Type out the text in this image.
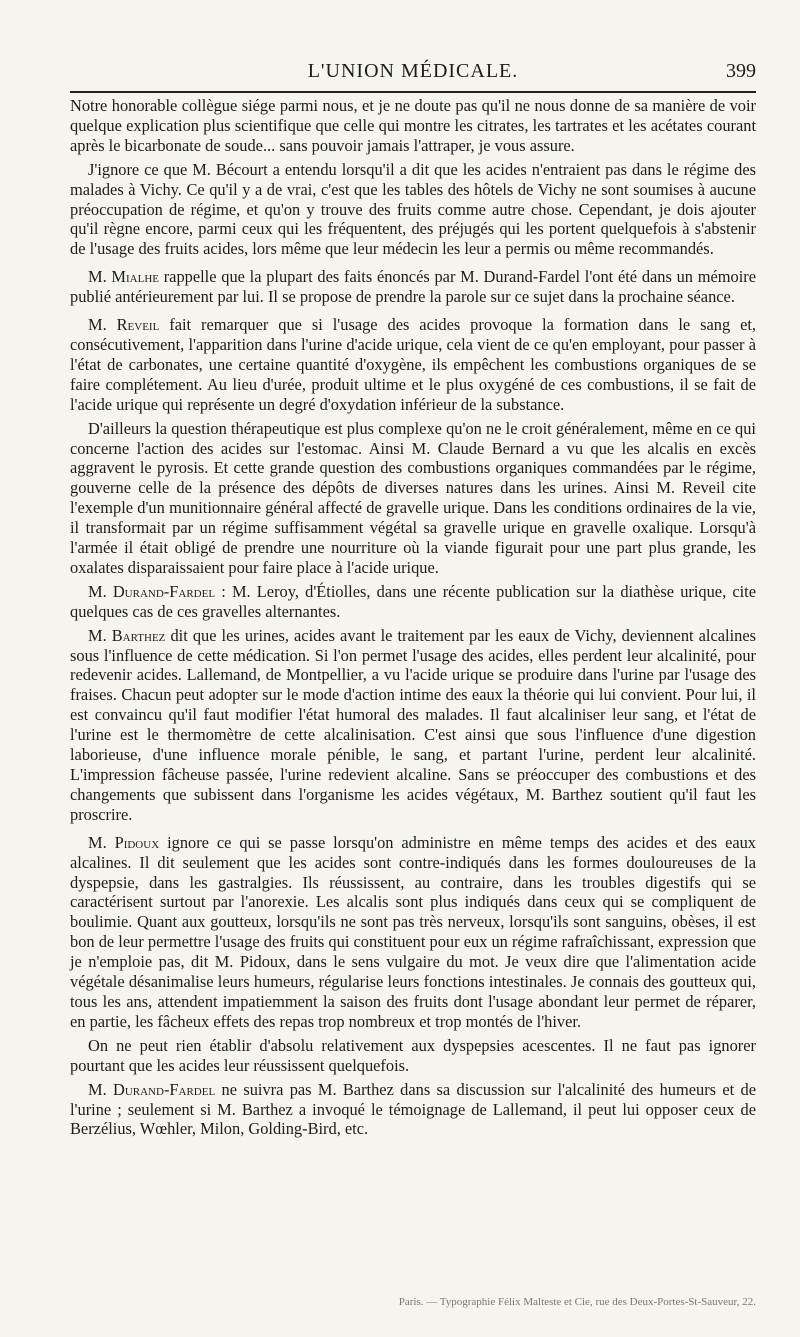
L'UNION MÉDICALE.	399

Notre honorable collègue siége parmi nous, et je ne doute pas qu'il ne nous donne de sa manière de voir quelque explication plus scientifique que celle qui montre les citrates, les tartrates et les acétates courant après le bicarbonate de soude... sans pouvoir jamais l'attraper, je vous assure.

J'ignore ce que M. Bécourt a entendu lorsqu'il a dit que les acides n'entraient pas dans le régime des malades à Vichy. Ce qu'il y a de vrai, c'est que les tables des hôtels de Vichy ne sont soumises à aucune préoccupation de régime, et qu'on y trouve des fruits comme autre chose. Cependant, je dois ajouter qu'il règne encore, parmi ceux qui les fréquentent, des préjugés qui les portent quelquefois à s'abstenir de l'usage des fruits acides, lors même que leur médecin les leur a permis ou même recommandés.

M. Mialhe rappelle que la plupart des faits énoncés par M. Durand-Fardel l'ont été dans un mémoire publié antérieurement par lui. Il se propose de prendre la parole sur ce sujet dans la prochaine séance.

M. Reveil fait remarquer que si l'usage des acides provoque la formation dans le sang et, consécutivement, l'apparition dans l'urine d'acide urique, cela vient de ce qu'en employant, pour passer à l'état de carbonates, une certaine quantité d'oxygène, ils empêchent les combustions organiques de se faire complétement. Au lieu d'urée, produit ultime et le plus oxygéné de ces combustions, il se fait de l'acide urique qui représente un degré d'oxydation inférieur de la substance.

D'ailleurs la question thérapeutique est plus complexe qu'on ne le croit généralement, même en ce qui concerne l'action des acides sur l'estomac. Ainsi M. Claude Bernard a vu que les alcalis en excès aggravent le pyrosis. Et cette grande question des combustions organiques commandées par le régime, gouverne celle de la présence des dépôts de diverses natures dans les urines. Ainsi M. Reveil cite l'exemple d'un munitionnaire général affecté de gravelle urique. Dans les conditions ordinaires de la vie, il transformait par un régime suffisamment végétal sa gravelle urique en gravelle oxalique. Lorsqu'à l'armée il était obligé de prendre une nourriture où la viande figurait pour une part plus grande, les oxalates disparaissaient pour faire place à l'acide urique.

M. Durand-Fardel : M. Leroy, d'Étiolles, dans une récente publication sur la diathèse urique, cite quelques cas de ces gravelles alternantes.

M. Barthez dit que les urines, acides avant le traitement par les eaux de Vichy, deviennent alcalines sous l'influence de cette médication. Si l'on permet l'usage des acides, elles perdent leur alcalinité, pour redevenir acides. Lallemand, de Montpellier, a vu l'acide urique se produire dans l'urine par l'usage des fraises. Chacun peut adopter sur le mode d'action intime des eaux la théorie qui lui convient. Pour lui, il est convaincu qu'il faut modifier l'état humoral des malades. Il faut alcaliniser leur sang, et l'état de l'urine est le thermomètre de cette alcalinisation. C'est ainsi que sous l'influence d'une digestion laborieuse, d'une influence morale pénible, le sang, et partant l'urine, perdent leur alcalinité. L'impression fâcheuse passée, l'urine redevient alcaline. Sans se préoccuper des combustions et des changements que subissent dans l'organisme les acides végétaux, M. Barthez soutient qu'il faut les proscrire.

M. Pidoux ignore ce qui se passe lorsqu'on administre en même temps des acides et des eaux alcalines. Il dit seulement que les acides sont contre-indiqués dans les formes douloureuses de la dyspepsie, dans les gastralgies. Ils réussissent, au contraire, dans les troubles digestifs qui se caractérisent surtout par l'anorexie. Les alcalis sont plus indiqués dans ceux qui se compliquent de boulimie. Quant aux goutteux, lorsqu'ils ne sont pas très nerveux, lorsqu'ils sont sanguins, obèses, il est bon de leur permettre l'usage des fruits qui constituent pour eux un régime rafraîchissant, expression que je n'emploie pas, dit M. Pidoux, dans le sens vulgaire du mot. Je veux dire que l'alimentation acide végétale désanimalise leurs humeurs, régularise leurs fonctions intestinales. Je connais des goutteux qui, tous les ans, attendent impatiemment la saison des fruits dont l'usage abondant leur permet de réparer, en partie, les fâcheux effets des repas trop nombreux et trop montés de l'hiver.

On ne peut rien établir d'absolu relativement aux dyspepsies acescentes. Il ne faut pas ignorer pourtant que les acides leur réussissent quelquefois.

M. Durand-Fardel ne suivra pas M. Barthez dans sa discussion sur l'alcalinité des humeurs et de l'urine ; seulement si M. Barthez a invoqué le témoignage de Lallemand, il peut lui opposer ceux de Berzélius, Wœhler, Milon, Golding-Bird, etc.

Paris. — Typographie Félix Malteste et Cie, rue des Deux-Portes-St-Sauveur, 22.
